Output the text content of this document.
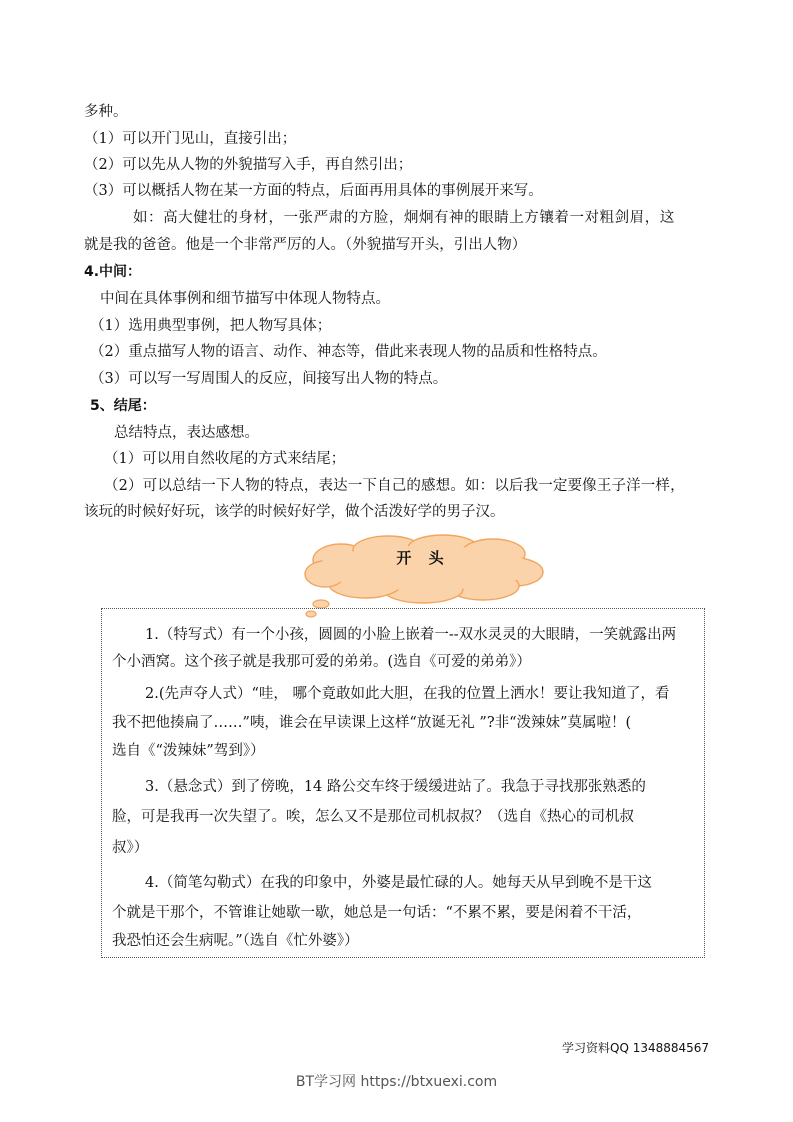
多种。
（1）可以开门见山，直接引出；
（2）可以先从人物的外貌描写入手，再自然引出；
（3）可以概括人物在某一方面的特点，后面再用具体的事例展开来写。
如：高大健壮的身材，一张严肃的方脸，炯炯有神的眼睛上方镶着一对粗剑眉，这
就是我的爸爸。他是一个非常严厉的人。（外貌描写开头，引出人物）
4.中间：
中间在具体事例和细节描写中体现人物特点。
（1）选用典型事例，把人物写具体；
（2）重点描写人物的语言、动作、神态等，借此来表现人物的品质和性格特点。
（3）可以写一写周围人的反应，间接写出人物的特点。
5、结尾：
总结特点，表达感想。
（1）可以用自然收尾的方式来结尾；
（2）可以总结一下人物的特点，表达一下自己的感想。如：以后我一定要像王子洋一样，
该玩的时候好好玩，该学的时候好好学，做个活泼好学的男子汉。
开 头
1.（特写式）有一个小孩，圆圆的小脸上嵌着一--双水灵灵的大眼睛，一笑就露出两
个小酒窝。这个孩子就是我那可爱的弟弟。(选自《可爱的弟弟》）
2.(先声夺人式）“哇， 哪个竟敢如此大胆，在我的位置上洒水！要让我知道了，看
我不把他揍扁了……”咦，谁会在早读课上这样“放诞无礼 ”?非“泼辣妹”莫属啦！(
选自《“泼辣妹”驾到》）
3.（悬念式）到了傍晚，14 路公交车终于缓缓进站了。我急于寻找那张熟悉的
脸，可是我再一次失望了。唉，怎么又不是那位司机叔叔？（选自《热心的司机叔
叔》）
4.（简笔勾勒式）在我的印象中，外婆是最忙碌的人。她每天从早到晚不是干这
个就是干那个，不管谁让她歇一歇，她总是一句话：“不累不累，要是闲着不干活，
我恐怕还会生病呢。”（选自《忙外婆》）
学习资料QQ 1348884567
BT学习网 https://btxuexi.com
